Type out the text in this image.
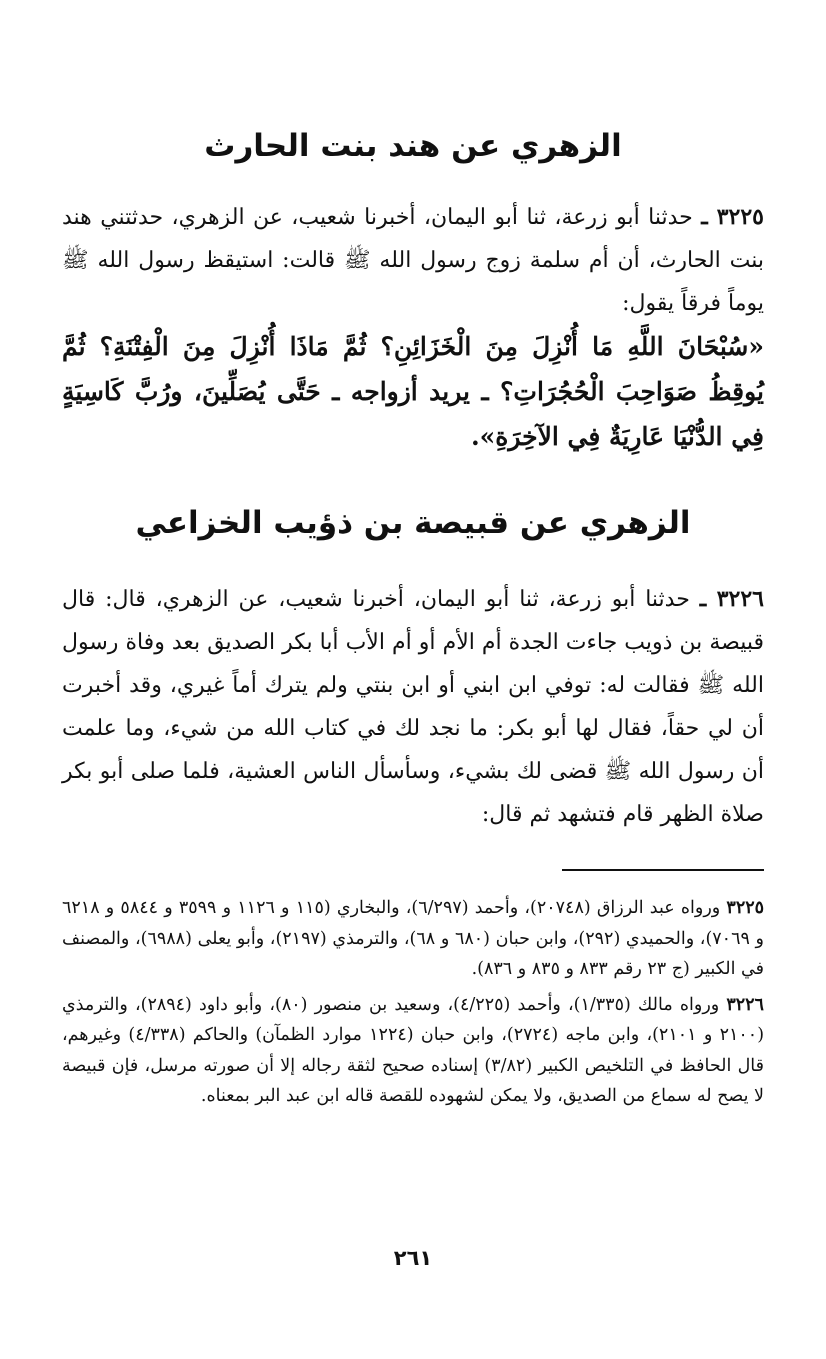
الزهري عن هند بنت الحارث

٣٢٢٥ ـ حدثنا أبو زرعة، ثنا أبو اليمان، أخبرنا شعيب، عن الزهري، حدثتني هند بنت الحارث، أن أم سلمة زوج رسول الله ﷺ قالت: استيقظ رسول الله ﷺ يوماً فرقاً يقول:
«سُبْحَانَ اللَّهِ مَا أُنْزِلَ مِنَ الْخَزَائِنِ؟ ثُمَّ مَاذَا أُنْزِلَ مِنَ الْفِتْنَةِ؟ ثُمَّ يُوقِظُ صَوَاحِبَ الْحُجُرَاتِ؟ ـ يريد أزواجه ـ حَتَّى يُصَلِّينَ، ورُبَّ كَاسِيَةٍ فِي الدُّنْيَا عَارِيَةٌ فِي الآخِرَةِ».

الزهري عن قبيصة بن ذؤيب الخزاعي

٣٢٢٦ ـ حدثنا أبو زرعة، ثنا أبو اليمان، أخبرنا شعيب، عن الزهري، قال: قال قبيصة بن ذويب جاءت الجدة أم الأم أو أم الأب أبا بكر الصديق بعد وفاة رسول الله ﷺ فقالت له: توفي ابن ابني أو ابن بنتي ولم يترك أماً غيري، وقد أخبرت أن لي حقاً، فقال لها أبو بكر: ما نجد لك في كتاب الله من شيء، وما علمت أن رسول الله ﷺ قضى لك بشيء، وسأسأل الناس العشية، فلما صلى أبو بكر صلاة الظهر قام فتشهد ثم قال:

٣٢٢٥ ورواه عبد الرزاق (٢٠٧٤٨)، وأحمد (٦/٢٩٧)، والبخاري (١١٥ و ١١٢٦ و ٣٥٩٩ و ٥٨٤٤ و ٦٢١٨ و ٧٠٦٩)، والحميدي (٢٩٢)، وابن حبان (٦٨٠ و ٦٨)، والترمذي (٢١٩٧)، وأبو يعلى (٦٩٨٨)، والمصنف في الكبير (ج ٢٣ رقم ٨٣٣ و ٨٣٥ و ٨٣٦).

٣٢٢٦ ورواه مالك (١/٣٣٥)، وأحمد (٤/٢٢٥)، وسعيد بن منصور (٨٠)، وأبو داود (٢٨٩٤)، والترمذي (٢١٠٠ و ٢١٠١)، وابن ماجه (٢٧٢٤)، وابن حبان (١٢٢٤ موارد الظمآن) والحاكم (٤/٣٣٨) وغيرهم، قال الحافظ في التلخيص الكبير (٣/٨٢) إسناده صحيح لثقة رجاله إلا أن صورته مرسل، فإن قبيصة لا يصح له سماع من الصديق، ولا يمكن لشهوده للقصة قاله ابن عبد البر بمعناه.

٢٦١
